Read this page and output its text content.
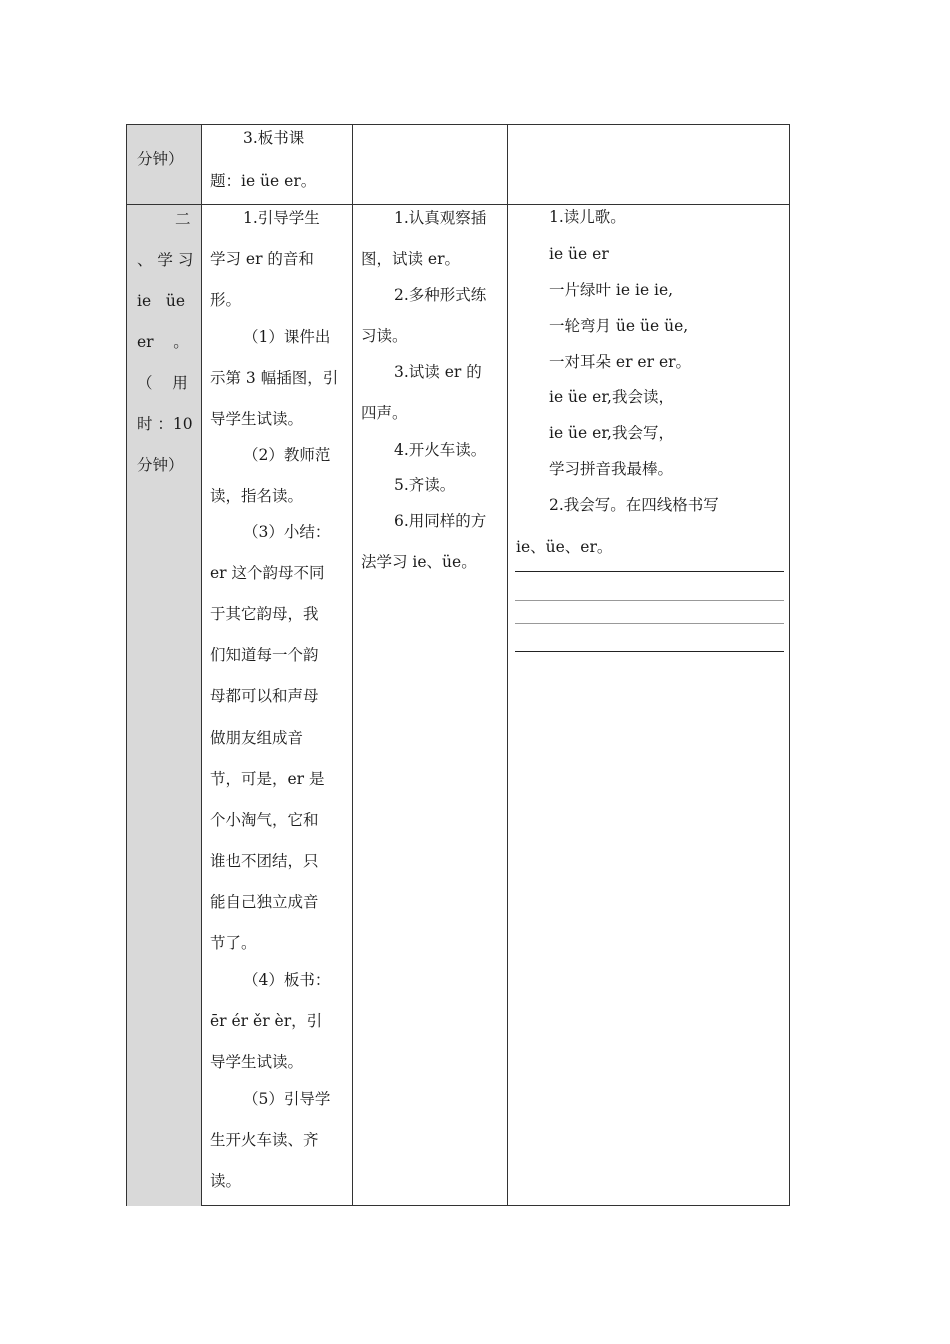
分钟）
3.板书课
题：ie üe er。
二
、 学 习
ie   üe
er    。
（    用
时 ：10
分钟）
1.引导学生
学习 er 的音和
形。
（1）课件出
示第 3 幅插图，引
导学生试读。
（2）教师范
读，指名读。
（3）小结：
er 这个韵母不同
于其它韵母，我
们知道每一个韵
母都可以和声母
做朋友组成音
节，可是，er 是
个小淘气，它和
谁也不团结，只
能自己独立成音
节了。
（4）板书：
ēr ér ěr èr，引
导学生试读。
（5）引导学
生开火车读、齐
读。
1.认真观察插
图，试读 er。
2.多种形式练
习读。
3.试读 er 的
四声。
4.开火车读。
5.齐读。
6.用同样的方
法学习 ie、üe。
1.读儿歌。
ie üe er
一片绿叶 ie ie ie,
一轮弯月 üe üe üe,
一对耳朵 er er er。
ie üe er,我会读，
ie üe er,我会写，
学习拼音我最棒。
2.我会写。在四线格书写
ie、üe、er。
